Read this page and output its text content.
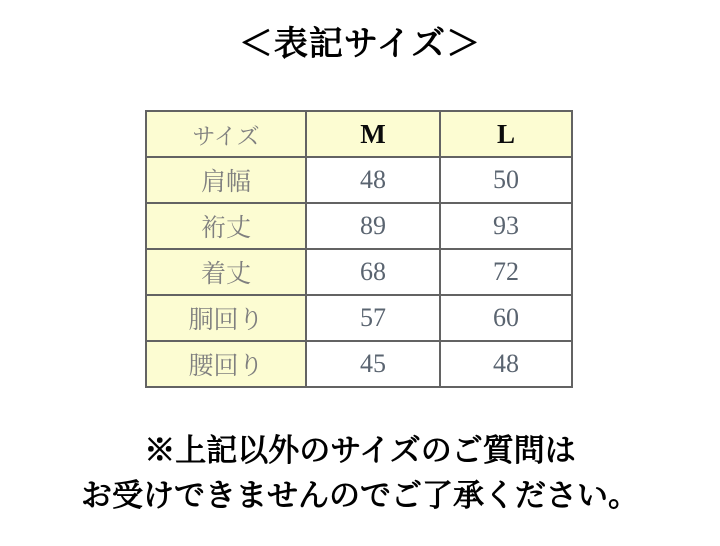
＜表記サイズ＞
サイズ	M	L
肩幅	48	50
裄丈	89	93
着丈	68	72
胴回り	57	60
腰回り	45	48
※上記以外のサイズのご質問は
お受けできませんのでご了承ください。
